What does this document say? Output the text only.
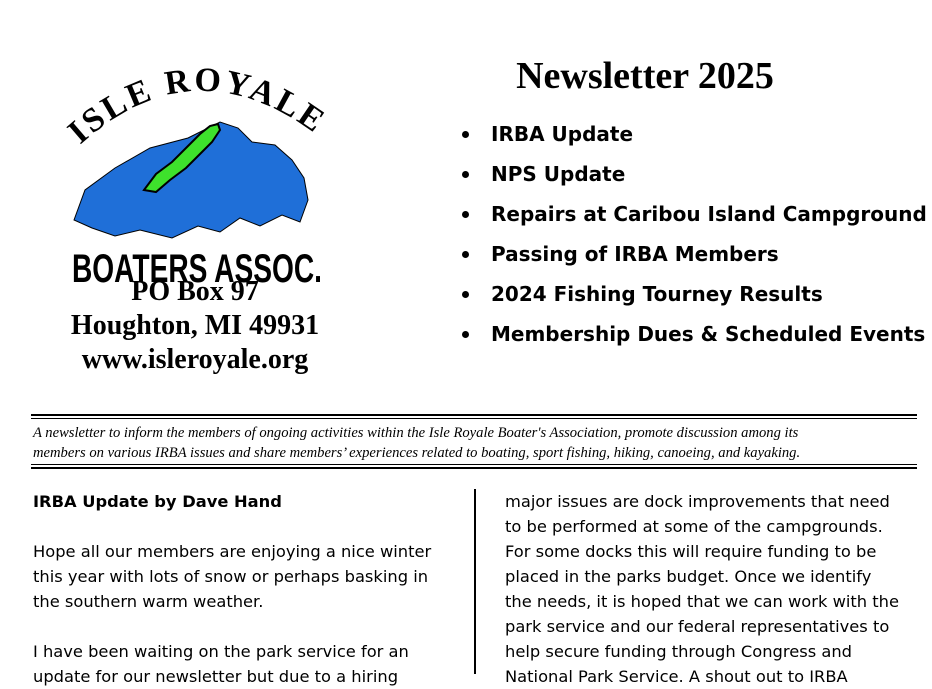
ISLE ROYALE
BOATERS ASSOC.
PO Box 97
Houghton, MI 49931
www.isleroyale.org
Newsletter 2025
IRBA Update
NPS Update
Repairs at Caribou Island Campground
Passing of IRBA Members
2024 Fishing Tourney Results
Membership Dues & Scheduled Events
A newsletter to inform the members of ongoing activities within the Isle Royale Boater's Association, promote discussion among its
members on various IRBA issues and share members’ experiences related to boating, sport fishing, hiking, canoeing, and kayaking.

IRBA Update by Dave Hand

Hope all our members are enjoying a nice winter

this year with lots of snow or perhaps basking in

the southern warm weather.

I have been waiting on the park service for an

update for our newsletter but due to a hiring

major issues are dock improvements that need

to be performed at some of the campgrounds.

For some docks this will require funding to be

placed in the parks budget. Once we identify

the needs, it is hoped that we can work with the

park service and our federal representatives to

help secure funding through Congress and

National Park Service. A shout out to IRBA
